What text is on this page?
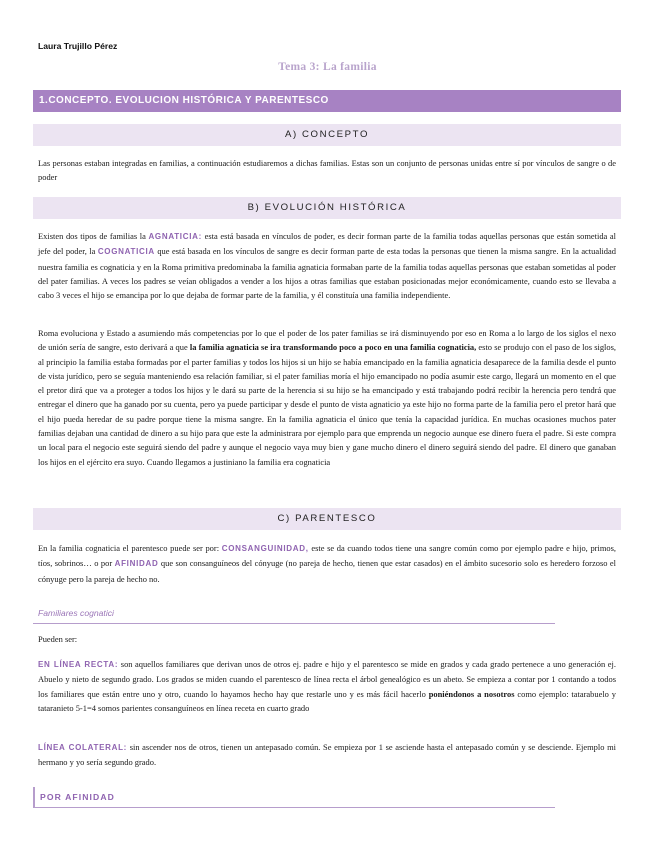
Laura Trujillo Pérez
Tema 3: La familia
1.CONCEPTO. EVOLUCION HISTÓRICA Y PARENTESCO
A) CONCEPTO

Las personas estaban integradas en familias, a continuación estudiaremos a dichas familias. Estas son un conjunto de personas unidas entre sí por vínculos de sangre o de poder

B) EVOLUCIÓN HISTÓRICA

Existen dos tipos de familias la AGNATICIA: esta está basada en vínculos de poder, es decir forman parte de la familia todas aquellas personas que están sometida al jefe del poder, la COGNATICIA que está basada en los vínculos de sangre es decir forman parte de esta todas la personas que tienen la misma sangre. En la actualidad nuestra familia es cognaticia y en la Roma primitiva predominaba la familia agnaticia formaban parte de la familia todas aquellas personas que estaban sometidas al poder del pater familias. A veces los padres se veían obligados a vender a los hijos a otras familias que estaban posicionadas mejor económicamente, cuando esto se llevaba a cabo 3 veces el hijo se emancipa por lo que dejaba de formar parte de la familia, y él constituía una familia independiente.

Roma evoluciona y Estado a asumiendo más competencias por lo que el poder de los pater familias se irá disminuyendo por eso en Roma a lo largo de los siglos el nexo de unión sería de sangre, esto derivará a que la familia agnaticia se ira transformando poco a poco en una familia cognaticia, esto se produjo con el paso de los siglos, al principio la familia estaba formadas por el parter familias y todos los hijos si un hijo se había emancipado en la familia agnaticia desaparece de la familia desde el punto de vista jurídico, pero se seguía manteniendo esa relación familiar, si el pater familias moría el hijo emancipado no podía asumir este cargo, llegará un momento en el que el pretor dirá que va a proteger a todos los hijos y le dará su parte de la herencia si su hijo se ha emancipado y está trabajando podrá recibir la herencia pero tendrá que entregar el dinero que ha ganado por su cuenta, pero ya puede participar y desde el punto de vista agnaticio ya este hijo no forma parte de la familia pero el pretor hará que el hijo pueda heredar de su padre porque tiene la misma sangre. En la familia agnaticia el único que tenía la capacidad jurídica. En muchas ocasiones muchos pater familias dejaban una cantidad de dinero a su hijo para que este la administrara por ejemplo para que emprenda un negocio aunque ese dinero fuera el padre. Si este compra un local para el negocio este seguirá siendo del padre y aunque el negocio vaya muy bien y gane mucho dinero el dinero seguirá siendo del padre. El dinero que ganaban los hijos en el ejército era suyo. Cuando llegamos a justiniano la familia era cognaticia

C) PARENTESCO

En la familia cognaticia el parentesco puede ser por: CONSANGUINIDAD, este se da cuando todos tiene una sangre común como por ejemplo padre e hijo, primos, tíos, sobrinos… o por AFINIDAD que son consanguíneos del cónyuge (no pareja de hecho, tienen que estar casados) en el ámbito sucesorio solo es heredero forzoso el cónyuge pero la pareja de hecho no.

Familiares cognatici

Pueden ser:

EN LÍNEA RECTA: son aquellos familiares que derivan unos de otros ej. padre e hijo y el parentesco se mide en grados y cada grado pertenece a uno generación ej. Abuelo y nieto de segundo grado. Los grados se miden cuando el parentesco de línea recta el árbol genealógico es un abeto. Se empieza a contar por 1 contando a todos los familiares que están entre uno y otro, cuando lo hayamos hecho hay que restarle uno y es más fácil hacerlo poniéndonos a nosotros como ejemplo: tatarabuelo y tataranieto 5-1=4 somos parientes consanguíneos en línea receta en cuarto grado

LÍNEA COLATERAL: sin ascender nos de otros, tienen un antepasado común. Se empieza por 1 se asciende hasta el antepasado común y se desciende. Ejemplo mi hermano y yo sería segundo grado.

POR AFINIDAD
